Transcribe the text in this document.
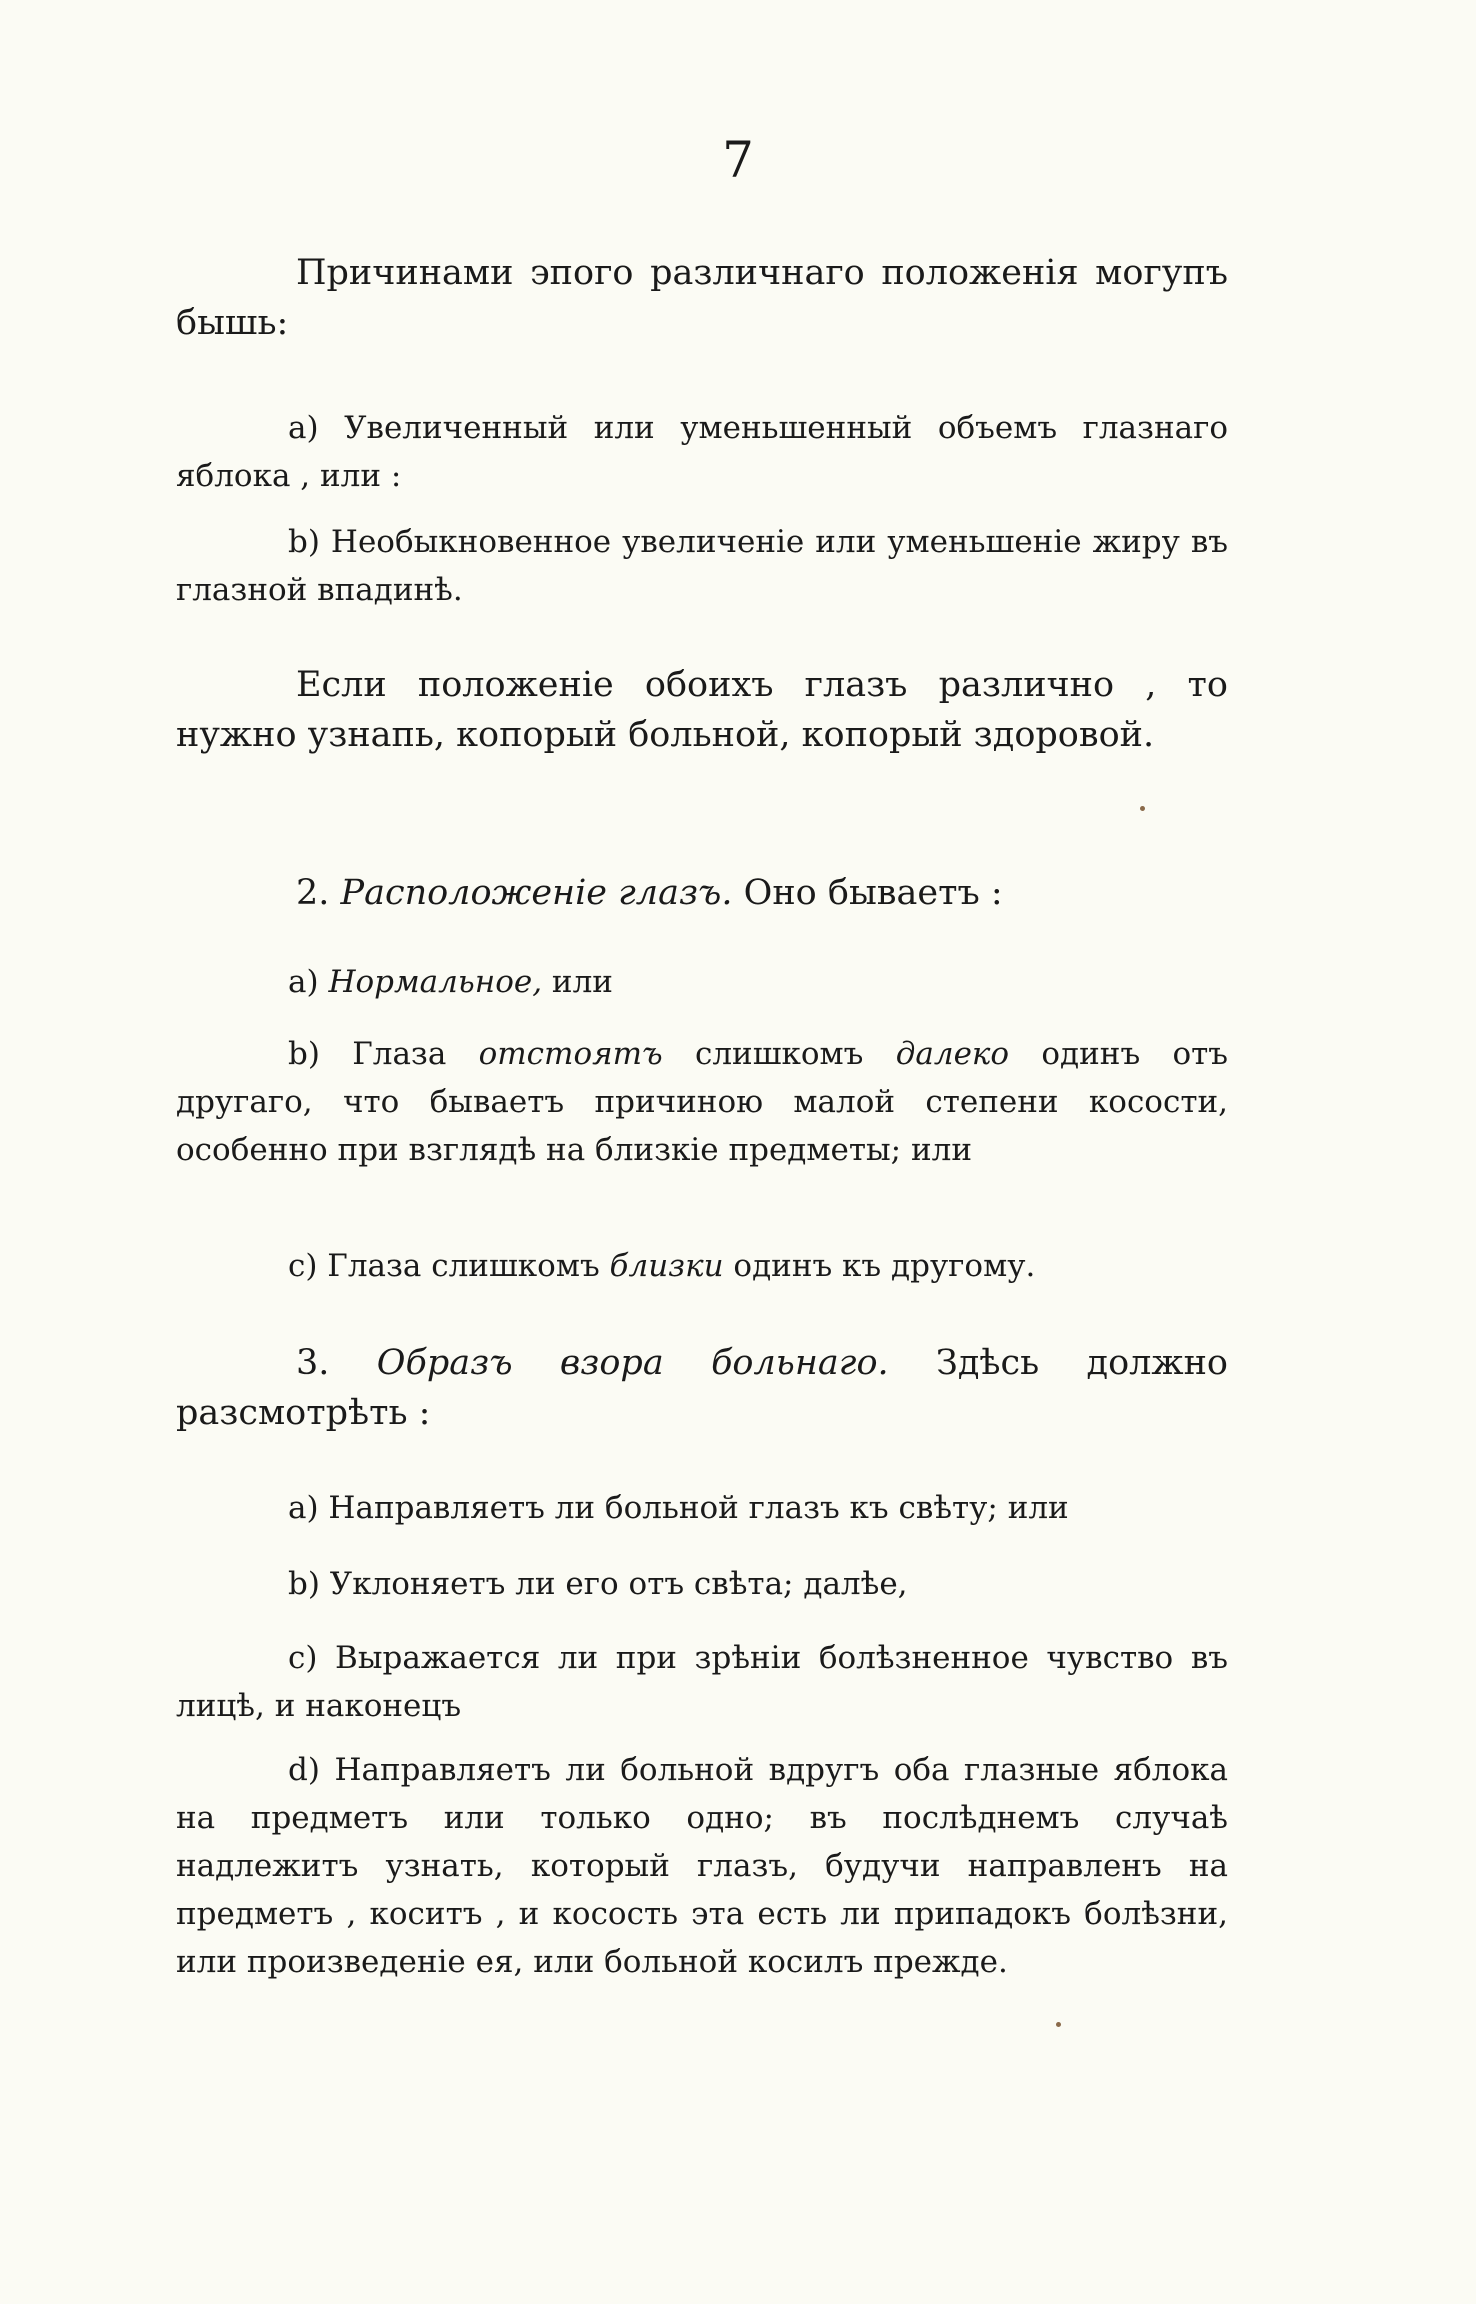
7

Причинами эпого различнаго положенія могупъ бышь:

a) Увеличенный или уменьшенный объемъ глазнаго яблока , или :

b) Необыкновенное увеличеніе или уменьшеніе жиру въ глазной впадинѣ.

Если положеніе обоихъ глазъ различно , то нужно узнапь, копорый больной, копорый здоровой.

2. Расположеніе глазъ. Оно бываетъ :

a) Нормальное, или

b) Глаза отстоятъ слишкомъ далеко одинъ отъ другаго, что бываетъ причиною малой степени косости, особенно при взглядѣ на близкіе предметы; или

c) Глаза слишкомъ близки одинъ къ другому.

3. Образъ взора больнаго. Здѣсь должно разсмотрѣть :

a) Направляетъ ли больной глазъ къ свѣту; или

b) Уклоняетъ ли его отъ свѣта; далѣе,

c) Выражается ли при зрѣніи болѣзненное чувство въ лицѣ, и наконецъ

d) Направляетъ ли больной вдругъ оба глазные яблока на предметъ или только одно; въ послѣднемъ случаѣ надлежитъ узнать, который глазъ, будучи направленъ на предметъ , коситъ , и косость эта есть ли припадокъ болѣзни, или произведеніе ея, или больной косилъ прежде.
